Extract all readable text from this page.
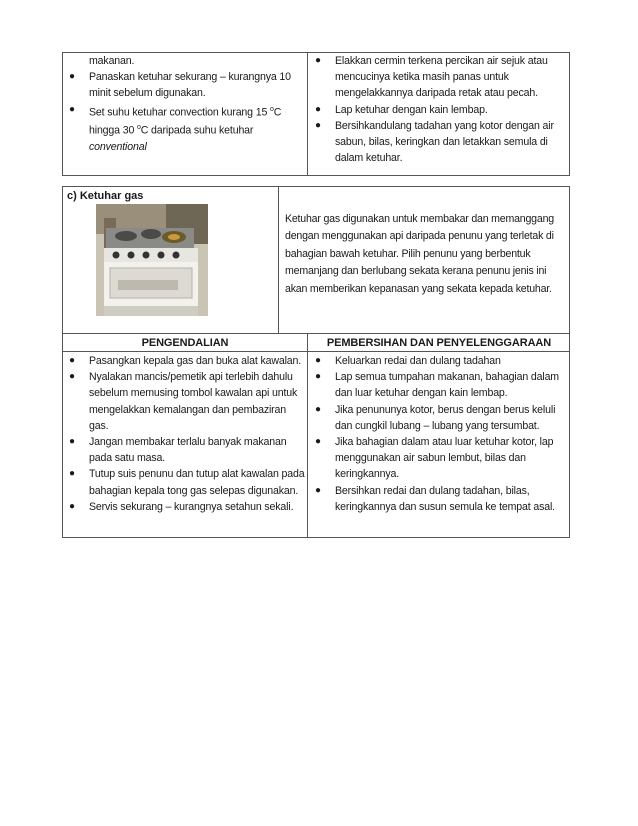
makanan.
● Panaskan ketuhar sekurang – kurangnya 10 minit sebelum digunakan.
● Set suhu ketuhar convection kurang 15 $^o$C hingga 30 $^o$C daripada suhu ketuhar
conventional
● Elakkan cermin terkena percikan air sejuk atau mencucinya ketika masih panas untuk mengelakkannya daripada retak atau pecah.
● Lap ketuhar dengan kain lembap.
● Bersihkandulang tadahan yang kotor dengan air sabun, bilas, keringkan dan letakkan semula di dalam ketuhar.
c) Ketuhar gas
Ketuhar gas digunakan untuk membakar dan memanggang dengan menggunakan api daripada penunu yang terletak di bahagian bawah ketuhar. Pilih penunu yang berbentuk memanjang dan berlubang sekata kerana penunu jenis ini akan memberikan kepanasan yang sekata kepada ketuhar.
PENGENDALIAN	PEMBERSIHAN DAN PENYELENGGARAAN
● Pasangkan kepala gas dan buka alat kawalan.
● Nyalakan mancis/pemetik api terlebih dahulu sebelum memusing tombol kawalan api untuk mengelakkan kemalangan dan pembaziran gas.
● Jangan membakar terlalu banyak makanan pada satu masa.
● Tutup suis penunu dan tutup alat kawalan pada bahagian kepala tong gas selepas digunakan.
● Servis sekurang – kurangnya setahun sekali.
● Keluarkan redai dan dulang tadahan
● Lap semua tumpahan makanan, bahagian dalam dan luar ketuhar dengan kain lembap.
● Jika penununya kotor, berus dengan berus keluli dan cungkil lubang – lubang yang tersumbat.
● Jika bahagian dalam atau luar ketuhar kotor, lap menggunakan air sabun lembut, bilas dan keringkannya.
● Bersihkan redai dan dulang tadahan, bilas, keringkannya dan susun semula ke tempat asal.
